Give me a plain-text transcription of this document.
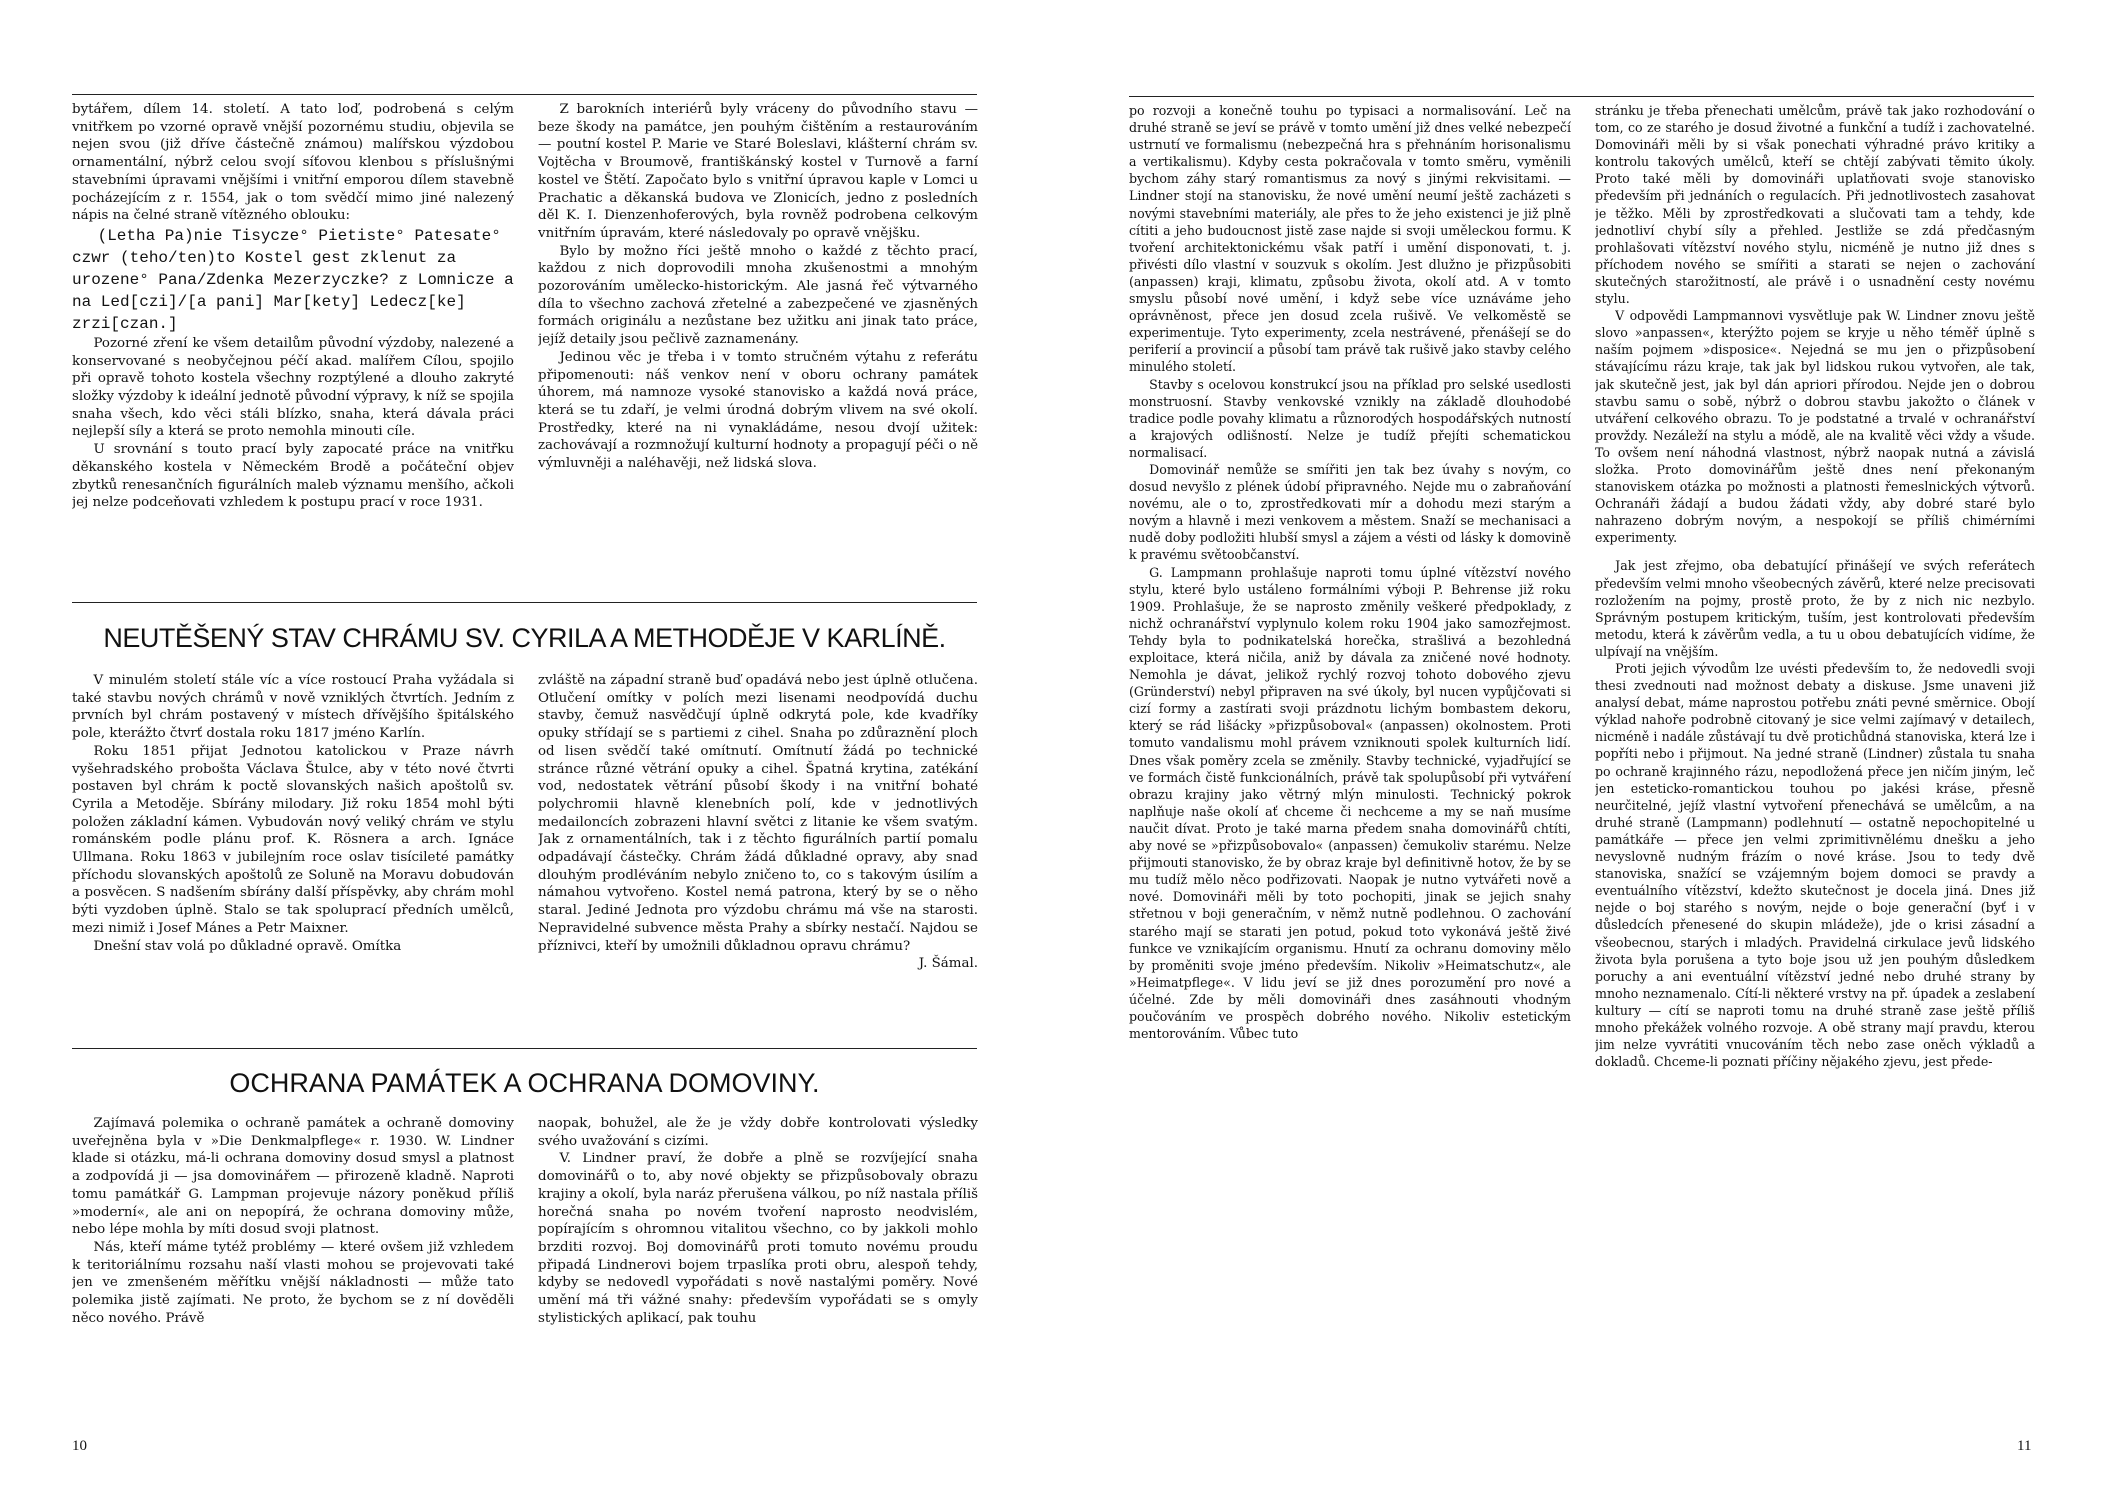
bytářem, dílem 14. století. A tato loď, podrobená s celým vnitřkem po vzorné opravě vnější pozornému studiu, objevila se nejen svou (již dříve částečně známou) malířskou výzdobou ornamentální, nýbrž celou svojí síťovou klenbou s příslušnými stavebními úpravami vnějšími i vnitřní emporou dílem stavebně pocházejícím z r. 1554, jak o tom svědčí mimo jiné nalezený nápis na čelné straně vítězného oblouku:

(Letha Pa)nie Tisycze° Pietiste° Patesate° czwr (teho/ten)to Kostel gest zklenut za urozene° Pana/Zdenka Mezerzyczke? z Lomnicze a na Led[czi]/[a pani] Mar[kety] Ledecz[ke] zrzi[czan.]

Pozorné zření ke všem detailům původní výzdoby, nalezené a konservované s neobyčejnou péčí akad. malířem Cílou, spojilo při opravě tohoto kostela všechny rozptýlené a dlouho zakryté složky výzdoby k ideální jednotě původní výpravy, k níž se spojila snaha všech, kdo věci stáli blízko, snaha, která dávala práci nejlepší síly a která se proto nemohla minouti cíle.

U srovnání s touto prací byly zapocaté práce na vnitřku děkanského kostela v Německém Brodě a počáteční objev zbytků renesančních figurálních maleb významu menšího, ačkoli jej nelze podceňovati vzhledem k postupu prací v roce 1931.

Z barokních interiérů byly vráceny do původního stavu — beze škody na památce, jen pouhým čištěním a restaurováním — poutní kostel P. Marie ve Staré Boleslavi, klášterní chrám sv. Vojtěcha v Broumově, františkánský kostel v Turnově a farní kostel ve Štětí. Započato bylo s vnitřní úpravou kaple v Lomci u Prachatic a děkanská budova ve Zlonicích, jedno z posledních děl K. I. Dienzenhoferových, byla rovněž podrobena celkovým vnitřním úpravám, které následovaly po opravě vnějšku.

Bylo by možno říci ještě mnoho o každé z těchto prací, každou z nich doprovodili mnoha zkušenostmi a mnohým pozorováním umělecko-historickým. Ale jasná řeč výtvarného díla to všechno zachová zřetelné a zabezpečené ve zjasněných formách originálu a nezůstane bez užitku ani jinak tato práce, jejíž detaily jsou pečlivě zaznamenány.

Jedinou věc je třeba i v tomto stručném výtahu z referátu připomenouti: náš venkov není v oboru ochrany památek úhorem, má namnoze vysoké stanovisko a každá nová práce, která se tu zdaří, je velmi úrodná dobrým vlivem na své okolí. Prostředky, které na ni vynakládáme, nesou dvojí užitek: zachovávají a rozmnožují kulturní hodnoty a propagují péči o ně výmluvněji a naléhavěji, než lidská slova.

NEUTĚŠENÝ STAV CHRÁMU SV. CYRILA A METHODĚJE V KARLÍNĚ.

V minulém století stále víc a více rostoucí Praha vyžádala si také stavbu nových chrámů v nově vzniklých čtvrtích. Jedním z prvních byl chrám postavený v místech dřívějšího špitálského pole, kterážto čtvrť dostala roku 1817 jméno Karlín.

Roku 1851 přijat Jednotou katolickou v Praze návrh vyšehradského probošta Václava Štulce, aby v této nové čtvrti postaven byl chrám k poctě slovanských našich apoštolů sv. Cyrila a Metoděje. Sbírány milodary. Již roku 1854 mohl býti položen základní kámen. Vybudován nový veliký chrám ve stylu románském podle plánu prof. K. Rösnera a arch. Ignáce Ullmana. Roku 1863 v jubilejním roce oslav tisícileté památky příchodu slovanských apoštolů ze Soluně na Moravu dobudován a posvěcen. S nadšením sbírány další příspěvky, aby chrám mohl býti vyzdoben úplně. Stalo se tak spoluprací předních umělců, mezi nimiž i Josef Mánes a Petr Maixner.

Dnešní stav volá po důkladné opravě. Omítka

zvláště na západní straně buď opadává nebo jest úplně otlučena. Otlučení omítky v polích mezi lisenami neodpovídá duchu stavby, čemuž nasvědčují úplně odkrytá pole, kde kvadříky opuky střídají se s partiemi z cihel. Snaha po zdůraznění ploch od lisen svědčí také omítnutí. Omítnutí žádá po technické stránce různé větrání opuky a cihel. Špatná krytina, zatékání vod, nedostatek větrání působí škody i na vnitřní bohaté polychromii hlavně klenebních polí, kde v jednotlivých medailoncích zobrazeni hlavní světci z litanie ke všem svatým. Jak z ornamentálních, tak i z těchto figurálních partií pomalu odpadávají částečky. Chrám žádá důkladné opravy, aby snad dlouhým prodléváním nebylo zničeno to, co s takovým úsilím a námahou vytvořeno. Kostel nemá patrona, který by se o něho staral. Jediné Jednota pro výzdobu chrámu má vše na starosti. Nepravidelné subvence města Prahy a sbírky nestačí. Najdou se příznivci, kteří by umožnili důkladnou opravu chrámu?

J. Šámal.
OCHRANA PAMÁTEK A OCHRANA DOMOVINY.

Zajímavá polemika o ochraně památek a ochraně domoviny uveřejněna byla v »Die Denkmalpflege« r. 1930. W. Lindner klade si otázku, má-li ochrana domoviny dosud smysl a platnost a zodpovídá ji — jsa domovinářem — přirozeně kladně. Naproti tomu památkář G. Lampman projevuje názory poněkud příliš »moderní«, ale ani on nepopírá, že ochrana domoviny může, nebo lépe mohla by míti dosud svoji platnost.

Nás, kteří máme tytéž problémy — které ovšem již vzhledem k teritoriálnímu rozsahu naší vlasti mohou se projevovati také jen ve zmenšeném měřítku vnější nákladnosti — může tato polemika jistě zajímati. Ne proto, že bychom se z ní dověděli něco nového. Právě

naopak, bohužel, ale že je vždy dobře kontrolovati výsledky svého uvažování s cizími.

V. Lindner praví, že dobře a plně se rozvíjející snaha domovinářů o to, aby nové objekty se přizpůsobovaly obrazu krajiny a okolí, byla naráz přerušena válkou, po níž nastala příliš horečná snaha po novém tvoření naprosto neodvislém, popírajícím s ohromnou vitalitou všechno, co by jakkoli mohlo brzditi rozvoj. Boj domovinářů proti tomuto novému proudu připadá Lindnerovi bojem trpaslíka proti obru, alespoň tehdy, kdyby se nedovedl vypořádati s nově nastalými poměry. Nové umění má tři vážné snahy: především vypořádati se s omyly stylistických aplikací, pak touhu

10

po rozvoji a konečně touhu po typisaci a normalisování. Leč na druhé straně se jeví se právě v tomto umění již dnes velké nebezpečí ustrnutí ve formalismu (nebezpečná hra s přehnáním horisonalismu a vertikalismu). Kdyby cesta pokračovala v tomto směru, vyměnili bychom záhy starý romantismus za nový s jinými rekvisitami. — Lindner stojí na stanovisku, že nové umění neumí ještě zacházeti s novými stavebními materiály, ale přes to že jeho existenci je již plně cítiti a jeho budoucnost jistě zase najde si svoji uměleckou formu. K tvoření architektonickému však patří i umění disponovati, t. j. přivésti dílo vlastní v souzvuk s okolím. Jest dlužno je přizpůsobiti (anpassen) kraji, klimatu, způsobu života, okolí atd. A v tomto smyslu působí nové umění, i když sebe více uznáváme jeho oprávněnost, přece jen dosud zcela rušivě. Ve velkoměstě se experimentuje. Tyto experimenty, zcela nestrávené, přenášejí se do periferií a provincií a působí tam právě tak rušivě jako stavby celého minulého století.

Stavby s ocelovou konstrukcí jsou na příklad pro selské usedlosti monstruosní. Stavby venkovské vznikly na základě dlouhodobé tradice podle povahy klimatu a různorodých hospodářských nutností a krajových odlišností. Nelze je tudíž přejíti schematickou normalisací.

Domovinář nemůže se smířiti jen tak bez úvahy s novým, co dosud nevyšlo z plének údobí připravného. Nejde mu o zabraňování novému, ale o to, zprostředkovati mír a dohodu mezi starým a novým a hlavně i mezi venkovem a městem. Snaží se mechanisaci a nudě doby podložiti hlubší smysl a zájem a vésti od lásky k domovině k pravému světoobčanství.

G. Lampmann prohlašuje naproti tomu úplné vítězství nového stylu, které bylo ustáleno formálními výboji P. Behrense již roku 1909. Prohlašuje, že se naprosto změnily veškeré předpoklady, z nichž ochranářství vyplynulo kolem roku 1904 jako samozřejmost. Tehdy byla to podnikatelská horečka, strašlivá a bezohledná exploitace, která ničila, aniž by dávala za zničené nové hodnoty. Nemohla je dávat, jelikož rychlý rozvoj tohoto dobového zjevu (Gründerství) nebyl připraven na své úkoly, byl nucen vypůjčovati si cizí formy a zastírati svoji prázdnotu lichým bombastem dekoru, který se rád lišácky »přizpůsoboval« (anpassen) okolnostem. Proti tomuto vandalismu mohl právem vzniknouti spolek kulturních lidí. Dnes však poměry zcela se změnily. Stavby technické, vyjadřující se ve formách čistě funkcionálních, právě tak spolupůsobí při vytváření obrazu krajiny jako větrný mlýn minulosti. Technický pokrok naplňuje naše okolí ať chceme či nechceme a my se naň musíme naučit dívat. Proto je také marna předem snaha domovinářů chtíti, aby nové se »přizpůsobovalo« (anpassen) čemukoliv starému. Nelze přijmouti stanovisko, že by obraz kraje byl definitivně hotov, že by se mu tudíž mělo něco podřizovati. Naopak je nutno vytvářeti nově a nové. Domovináři měli by toto pochopiti, jinak se jejich snahy střetnou v boji generačním, v němž nutně podlehnou. O zachování starého mají se starati jen potud, pokud toto vykonává ještě živé funkce ve vznikajícím organismu. Hnutí za ochranu domoviny mělo by proměniti svoje jméno především. Nikoliv »Heimatschutz«, ale »Heimatpflege«. V lidu jeví se již dnes porozumění pro nové a účelné. Zde by měli domovináři dnes zasáhnouti vhodným poučováním ve prospěch dobrého nového. Nikoliv estetickým mentorováním. Vůbec tuto

stránku je třeba přenechati umělcům, právě tak jako rozhodování o tom, co ze starého je dosud životné a funkční a tudíž i zachovatelné. Domovináři měli by si však ponechati výhradné právo kritiky a kontrolu takových umělců, kteří se chtějí zabývati těmito úkoly. Proto také měli by domovináři uplatňovati svoje stanovisko především při jednáních o regulacích. Při jednotlivostech zasahovat je těžko. Měli by zprostředkovati a slučovati tam a tehdy, kde jednotliví chybí síly a přehled. Jestliže se zdá předčasným prohlašovati vítězství nového stylu, nicméně je nutno již dnes s příchodem nového se smířiti a starati se nejen o zachování skutečných starožitností, ale právě i o usnadnění cesty novému stylu.

V odpovědi Lampmannovi vysvětluje pak W. Lindner znovu ještě slovo »anpassen«, kterýžto pojem se kryje u něho téměř úplně s naším pojmem »disposice«. Nejedná se mu jen o přizpůsobení stávajícímu rázu kraje, tak jak byl lidskou rukou vytvořen, ale tak, jak skutečně jest, jak byl dán apriori přírodou. Nejde jen o dobrou stavbu samu o sobě, nýbrž o dobrou stavbu jakožto o článek v utváření celkového obrazu. To je podstatné a trvalé v ochranářství provždy. Nezáleží na stylu a módě, ale na kvalitě věci vždy a všude. To ovšem není náhodná vlastnost, nýbrž naopak nutná a závislá složka. Proto domovinářům ještě dnes není překonaným stanoviskem otázka po možnosti a platnosti řemeslnických výtvorů. Ochranáři žádají a budou žádati vždy, aby dobré staré bylo nahrazeno dobrým novým, a nespokojí se příliš chimérními experimenty.

Jak jest zřejmo, oba debatující přinášejí ve svých referátech především velmi mnoho všeobecných závěrů, které nelze precisovati rozložením na pojmy, prostě proto, že by z nich nic nezbylo. Správným postupem kritickým, tuším, jest kontrolovati především metodu, která k závěrům vedla, a tu u obou debatujících vidíme, že ulpívají na vnějším.

Proti jejich vývodům lze uvésti především to, že nedovedli svoji thesi zvednouti nad možnost debaty a diskuse. Jsme unaveni již analysí debat, máme naprostou potřebu znáti pevné směrnice. Obojí výklad nahoře podrobně citovaný je sice velmi zajímavý v detailech, nicméně i nadále zůstávají tu dvě protichůdná stanoviska, která lze i popříti nebo i přijmout. Na jedné straně (Lindner) zůstala tu snaha po ochraně krajinného rázu, nepodložená přece jen ničím jiným, leč jen esteticko-romantickou touhou po jakési kráse, přesně neurčitelné, jejíž vlastní vytvoření přenechává se umělcům, a na druhé straně (Lampmann) podlehnutí — ostatně nepochopitelné u památkáře — přece jen velmi zprimitivnělému dnešku a jeho nevyslovně nudným frázím o nové kráse. Jsou to tedy dvě stanoviska, snažící se vzájemným bojem domoci se pravdy a eventuálního vítězství, kdežto skutečnost je docela jiná. Dnes již nejde o boj starého s novým, nejde o boje generační (byť i v důsledcích přenesené do skupin mládeže), jde o krisi zásadní a všeobecnou, starých i mladých. Pravidelná cirkulace jevů lidského života byla porušena a tyto boje jsou už jen pouhým důsledkem poruchy a ani eventuální vítězství jedné nebo druhé strany by mnoho neznamenalo. Cítí-li některé vrstvy na př. úpadek a zeslabení kultury — cítí se naproti tomu na druhé straně zase ještě příliš mnoho překážek volného rozvoje. A obě strany mají pravdu, kterou jim nelze vyvrátiti vnucováním těch nebo zase oněch výkladů a dokladů. Chceme-li poznati příčiny nějakého zjevu, jest přede-

11
